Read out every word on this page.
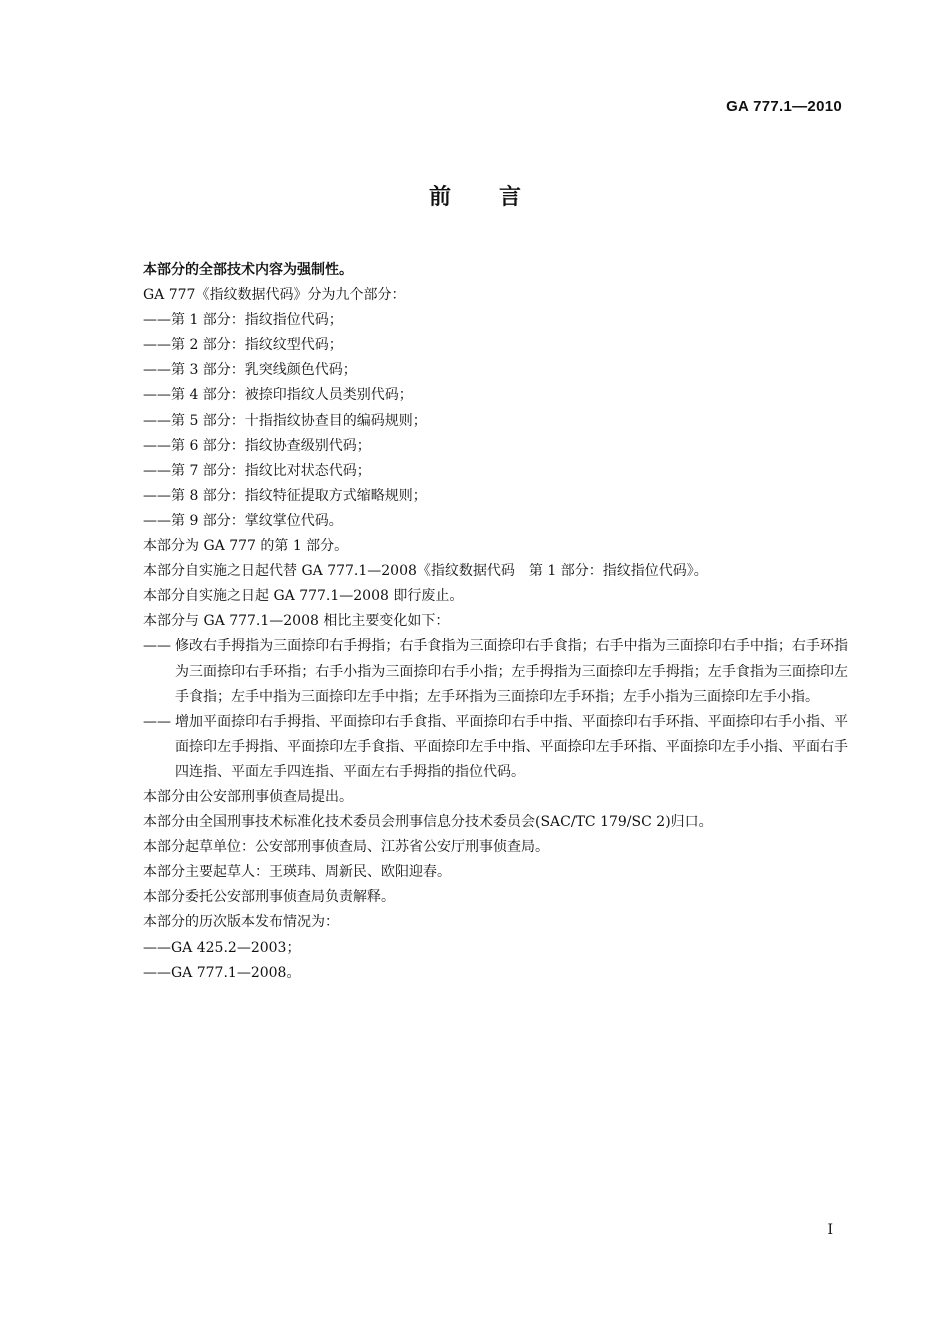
GA 777.1—2010
前言
本部分的全部技术内容为强制性。
GA 777《指纹数据代码》分为九个部分：
——第 1 部分：指纹指位代码；
——第 2 部分：指纹纹型代码；
——第 3 部分：乳突线颜色代码；
——第 4 部分：被捺印指纹人员类别代码；
——第 5 部分：十指指纹协查目的编码规则；
——第 6 部分：指纹协查级别代码；
——第 7 部分：指纹比对状态代码；
——第 8 部分：指纹特征提取方式缩略规则；
——第 9 部分：掌纹掌位代码。
本部分为 GA 777 的第 1 部分。
本部分自实施之日起代替 GA 777.1—2008《指纹数据代码　第 1 部分：指纹指位代码》。
本部分自实施之日起 GA 777.1—2008 即行废止。
本部分与 GA 777.1—2008 相比主要变化如下：
—— 修改右手拇指为三面捺印右手拇指；右手食指为三面捺印右手食指；右手中指为三面捺印右手中指；右手环指为三面捺印右手环指；右手小指为三面捺印右手小指；左手拇指为三面捺印左手拇指；左手食指为三面捺印左手食指；左手中指为三面捺印左手中指；左手环指为三面捺印左手环指；左手小指为三面捺印左手小指。
—— 增加平面捺印右手拇指、平面捺印右手食指、平面捺印右手中指、平面捺印右手环指、平面捺印右手小指、平面捺印左手拇指、平面捺印左手食指、平面捺印左手中指、平面捺印左手环指、平面捺印左手小指、平面右手四连指、平面左手四连指、平面左右手拇指的指位代码。
本部分由公安部刑事侦查局提出。
本部分由全国刑事技术标准化技术委员会刑事信息分技术委员会(SAC/TC 179/SC 2)归口。
本部分起草单位：公安部刑事侦查局、江苏省公安厅刑事侦查局。
本部分主要起草人：王瑛玮、周新民、欧阳迎春。
本部分委托公安部刑事侦查局负责解释。
本部分的历次版本发布情况为：
——GA 425.2—2003；
——GA 777.1—2008。
I
